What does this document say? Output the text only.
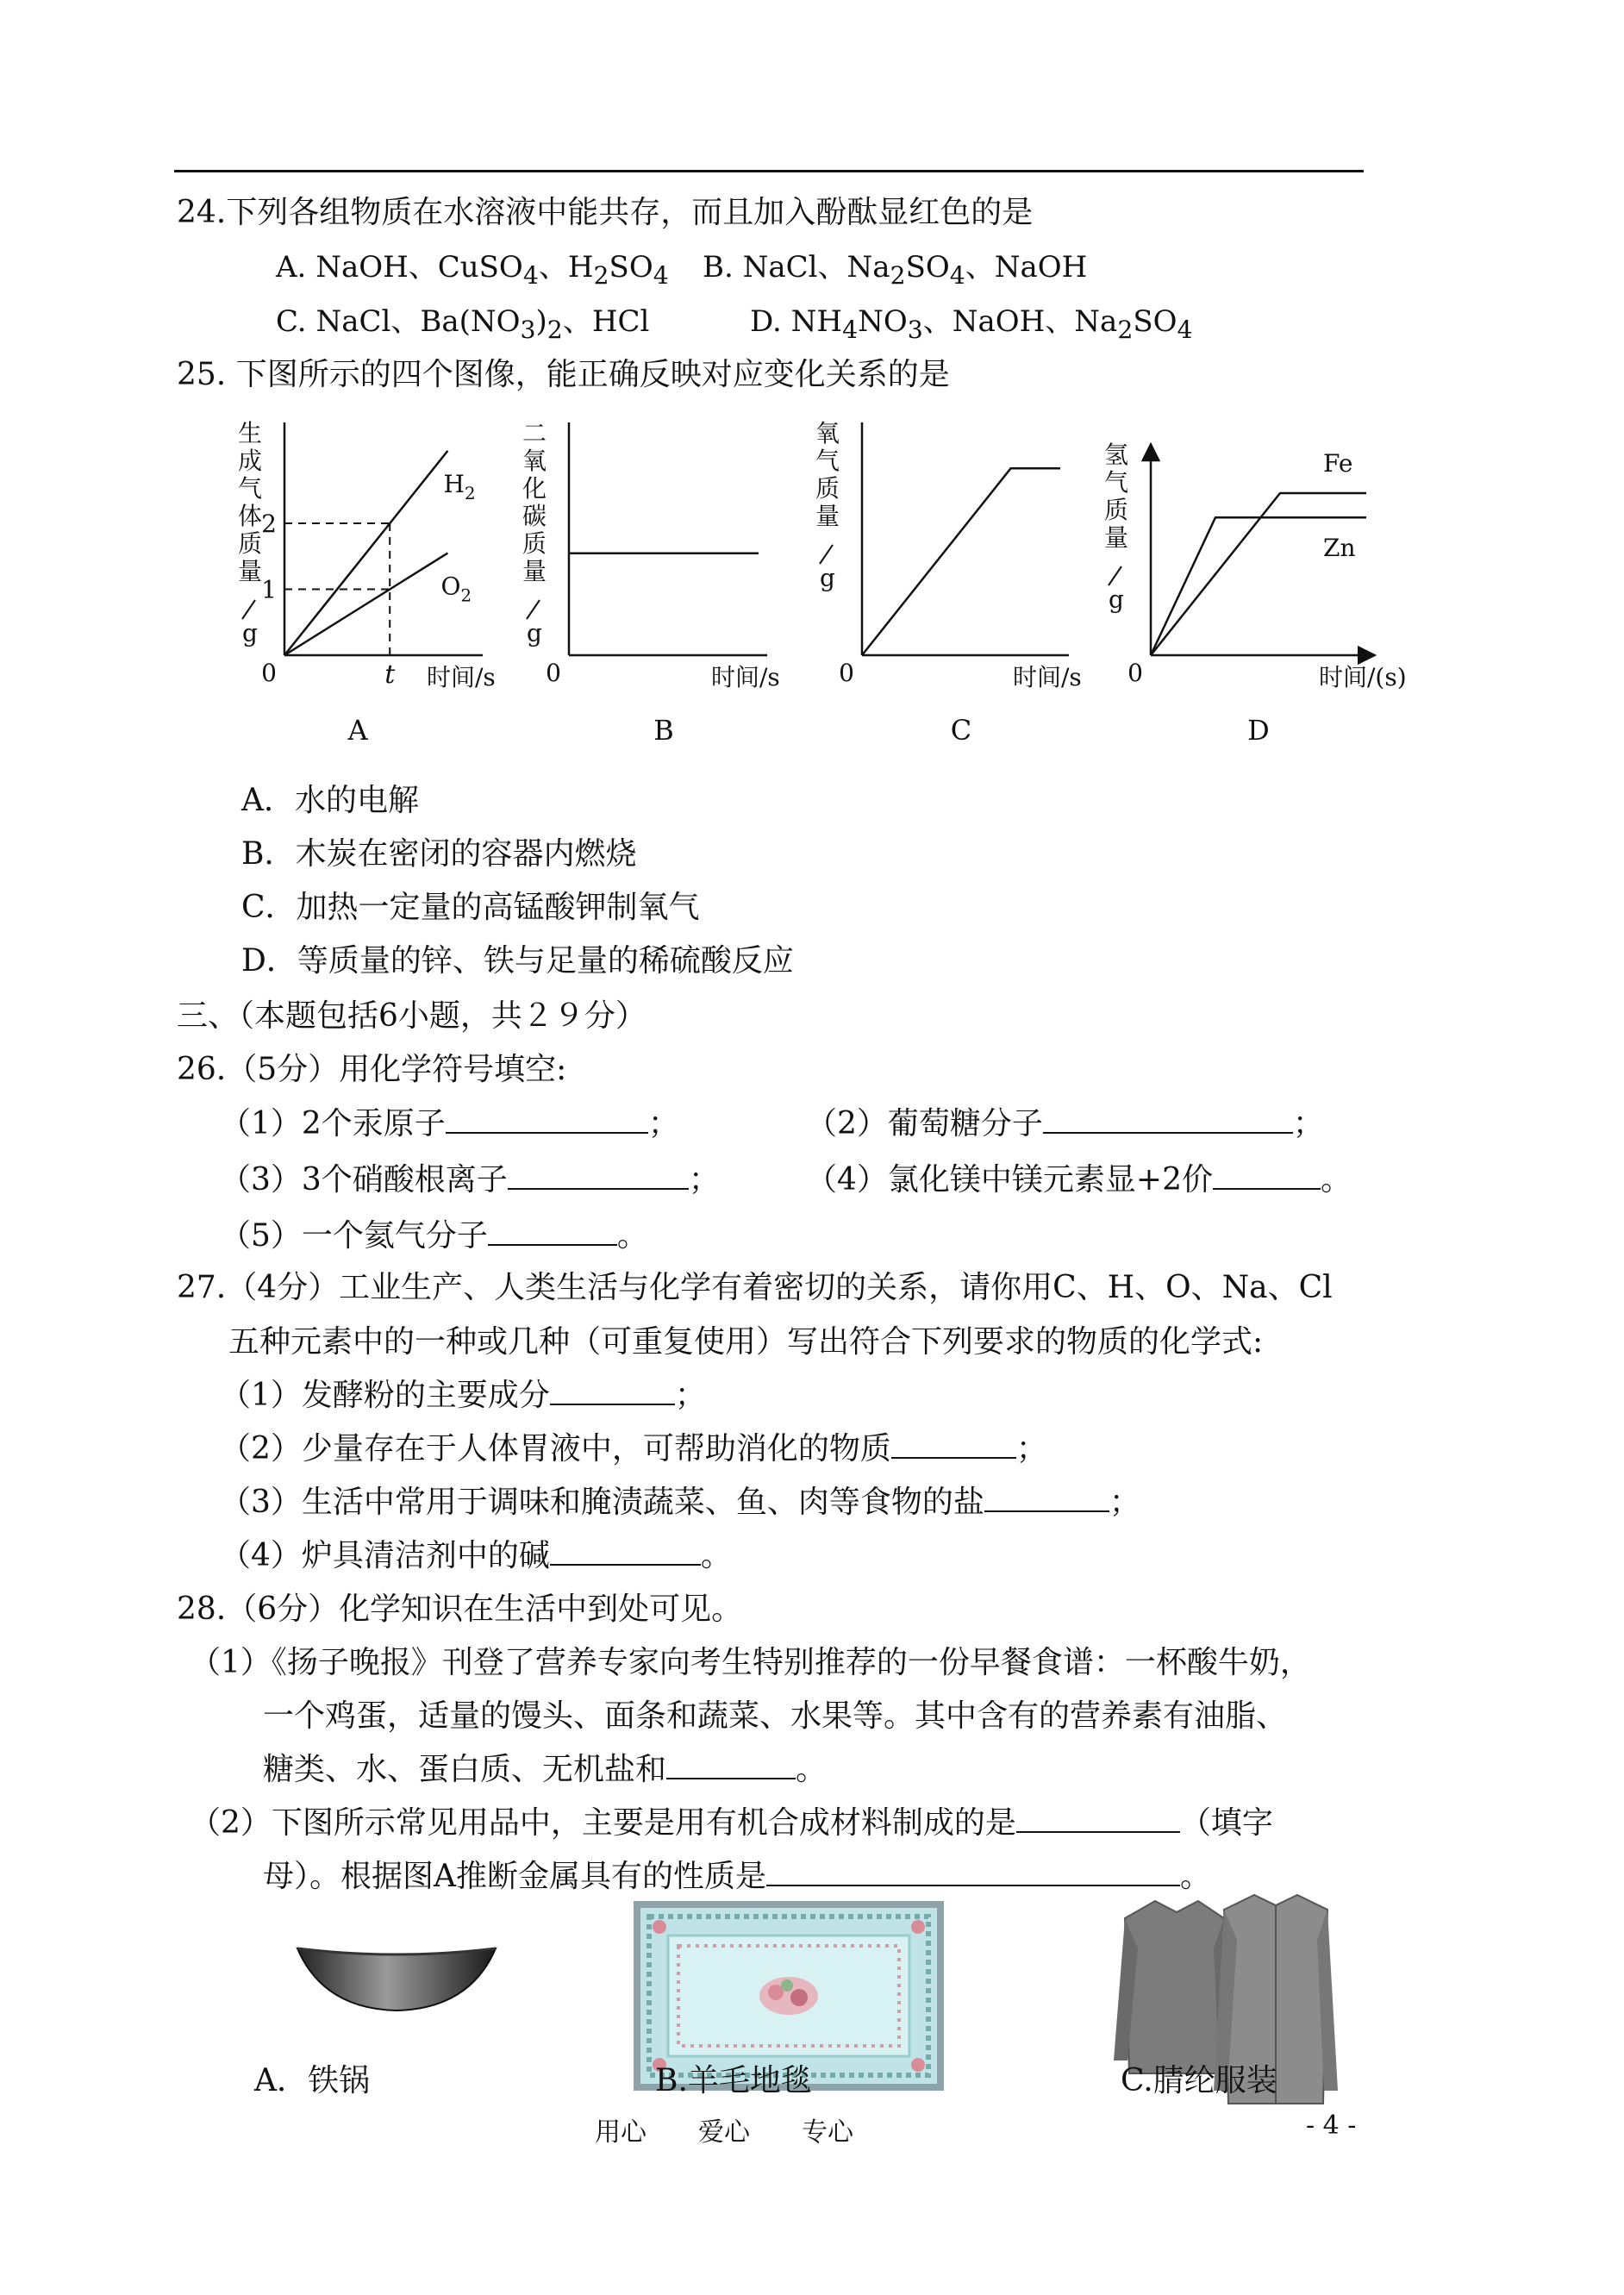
24.下列各组物质在水溶液中能共存，而且加入酚酞显红色的是
A. NaOH、CuSO$_4$、$H_2SO_4$ B. NaCl、$Na_2SO_4$、NaOH
C. NaCl、$Ba(NO_3)_2$、HCl	D. $NH_4NO_3$、NaOH、$Na_2SO_4$
25. 下图所示的四个图像，能正确反映对应变化关系的是
0	时间/s
生
成
气
体
质
量
g
$H_2$
$O_2$
1
2
t
A
0	时间/s
二
氧
化
碳
质
量
g
B
0	时间/s
氧
气
质
量
g
C
0	时间/(s)
氢
气
质
量
g
Fe
Zn
D
A．水的电解
B．木炭在密闭的容器内燃烧
C．加热一定量的高锰酸钾制氧气
D．等质量的锌、铁与足量的稀硫酸反应
三、（本题包括6小题，共２９分）
26.（5分）用化学符号填空:
（1）2个汞原子	；	（2）葡萄糖分子	；
（3）3个硝酸根离子	；	（4）氯化镁中镁元素显+2价	。
（5）一个氦气分子	。
27.（4分）工业生产、人类生活与化学有着密切的关系，请你用C、H、O、Na、Cl
五种元素中的一种或几种（可重复使用）写出符合下列要求的物质的化学式:
（1）发酵粉的主要成分	；
（2）少量存在于人体胃液中，可帮助消化的物质	；
（3）生活中常用于调味和腌渍蔬菜、鱼、肉等食物的盐	；
（4）炉具清洁剂中的碱	。
28.（6分）化学知识在生活中到处可见。
（1）《扬子晚报》刊登了营养专家向考生特别推荐的一份早餐食谱：一杯酸牛奶，
一个鸡蛋，适量的馒头、面条和蔬菜、水果等。其中含有的营养素有油脂、
糖类、水、蛋白质、无机盐和	。
（2）下图所示常见用品中，主要是用有机合成材料制成的是	（填字
母）。根据图A推断金属具有的性质是	。
A．铁锅	B.羊毛地毯	C.腈纶服装
用心　　爱心　　专心	- 4 -
